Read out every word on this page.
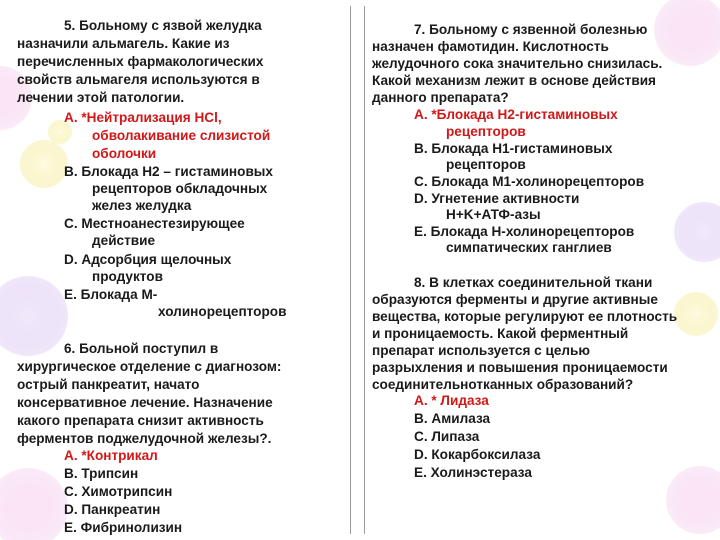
5. Больному с язвой желудка
назначили альмагель. Какие из
перечисленных фармакологических
свойств альмагеля используются в
лечении этой патологии.
A. *Нейтрализация HCl,
обволакивание слизистой
оболочки
B. Блокада H2 – гистаминовых
рецепторов обкладочных
желез желудка
C. Местноанестезирующее
действие
D. Адсорбция щелочных
продуктов
E. Блокада М-
холинорецепторов
6. Больной поступил в
хирургическое отделение с диагнозом:
острый панкреатит, начато
консервативное лечение. Назначение
какого препарата снизит активность
ферментов поджелудочной железы?.
A. *Контрикал
B. Трипсин
C. Химотрипсин
D. Панкреатин
E. Фибринолизин
7. Больному с язвенной болезнью
назначен фамотидин. Кислотность
желудочного сока значительно снизилась.
Какой механизм лежит в основе действия
данного препарата?
A. *Блокада H2-гистаминовых
рецепторов
B. Блокада H1-гистаминовых
рецепторов
C. Блокада M1-холинорецепторов
D. Угнетение активности
H+K+АТФ-азы
E. Блокада H-холинорецепторов
симпатических ганглиев
8. В клетках соединительной ткани
образуются ферменты и другие активные
вещества, которые регулируют ее плотность
и проницаемость. Какой ферментный
препарат используется с целью
разрыхления и повышения проницаемости
соединительнотканных образований?
A. * Лидаза
B. Амилаза
C. Липаза
D. Кокарбоксилаза
E. Холинэстераза
